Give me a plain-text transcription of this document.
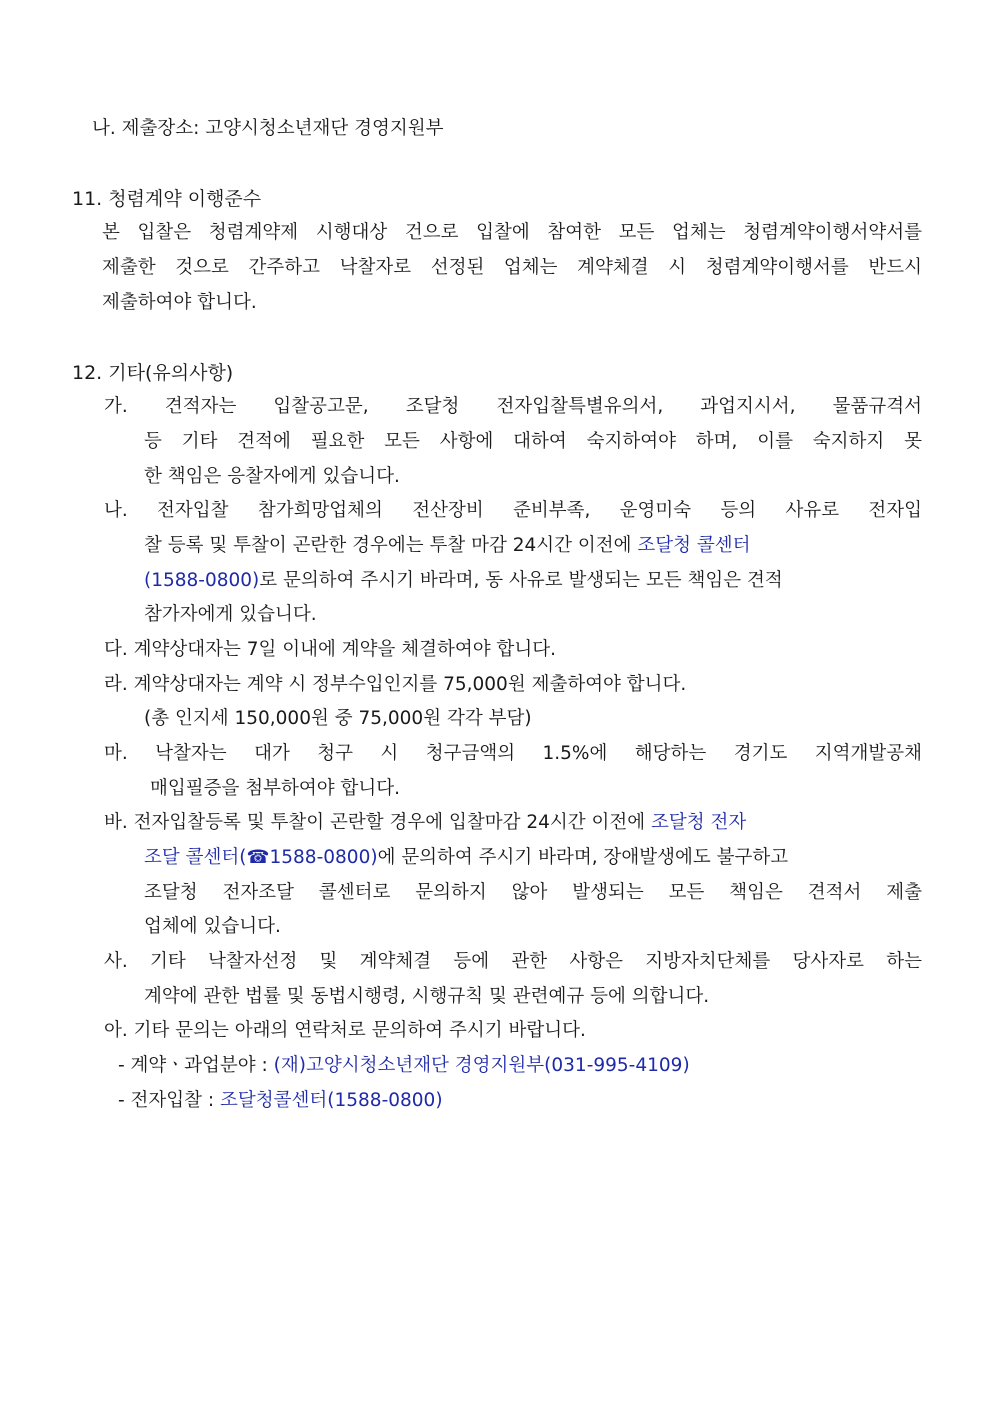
나. 제출장소: 고양시청소년재단 경영지원부
11. 청렴계약 이행준수
본 입찰은 청렴계약제 시행대상 건으로 입찰에 참여한 모든 업체는 청렴계약이행서약서를
제출한 것으로 간주하고 낙찰자로 선정된 업체는 계약체결 시 청렴계약이행서를 반드시
제출하여야 합니다.
12. 기타(유의사항)
가. 견적자는 입찰공고문, 조달청 전자입찰특별유의서, 과업지시서, 물품규격서
등 기타 견적에 필요한 모든 사항에 대하여 숙지하여야 하며, 이를 숙지하지 못
한 책임은 응찰자에게 있습니다.
나. 전자입찰 참가희망업체의 전산장비 준비부족, 운영미숙 등의 사유로 전자입
찰 등록 및 투찰이 곤란한 경우에는 투찰 마감 24시간 이전에 조달청 콜센터
(1588-0800)로 문의하여 주시기 바라며, 동 사유로 발생되는 모든 책임은 견적
참가자에게 있습니다.
다. 계약상대자는 7일 이내에 계약을 체결하여야 합니다.
라. 계약상대자는 계약 시 정부수입인지를 75,000원 제출하여야 합니다.
(총 인지세 150,000원 중 75,000원 각각 부담)
마. 낙찰자는 대가 청구 시 청구금액의 1.5%에 해당하는 경기도 지역개발공채
매입필증을 첨부하여야 합니다.
바. 전자입찰등록 및 투찰이 곤란할 경우에 입찰마감 24시간 이전에 조달청 전자
조달 콜센터(☎1588-0800)에 문의하여 주시기 바라며, 장애발생에도 불구하고
조달청 전자조달 콜센터로 문의하지 않아 발생되는 모든 책임은 견적서 제출
업체에 있습니다.
사. 기타 낙찰자선정 및 계약체결 등에 관한 사항은 지방자치단체를 당사자로 하는
계약에 관한 법률 및 동법시행령, 시행규칙 및 관련예규 등에 의합니다.
아. 기타 문의는 아래의 연락처로 문의하여 주시기 바랍니다.
- 계약ㆍ과업분야 : (재)고양시청소년재단 경영지원부(031-995-4109)
- 전자입찰 : 조달청콜센터(1588-0800)
